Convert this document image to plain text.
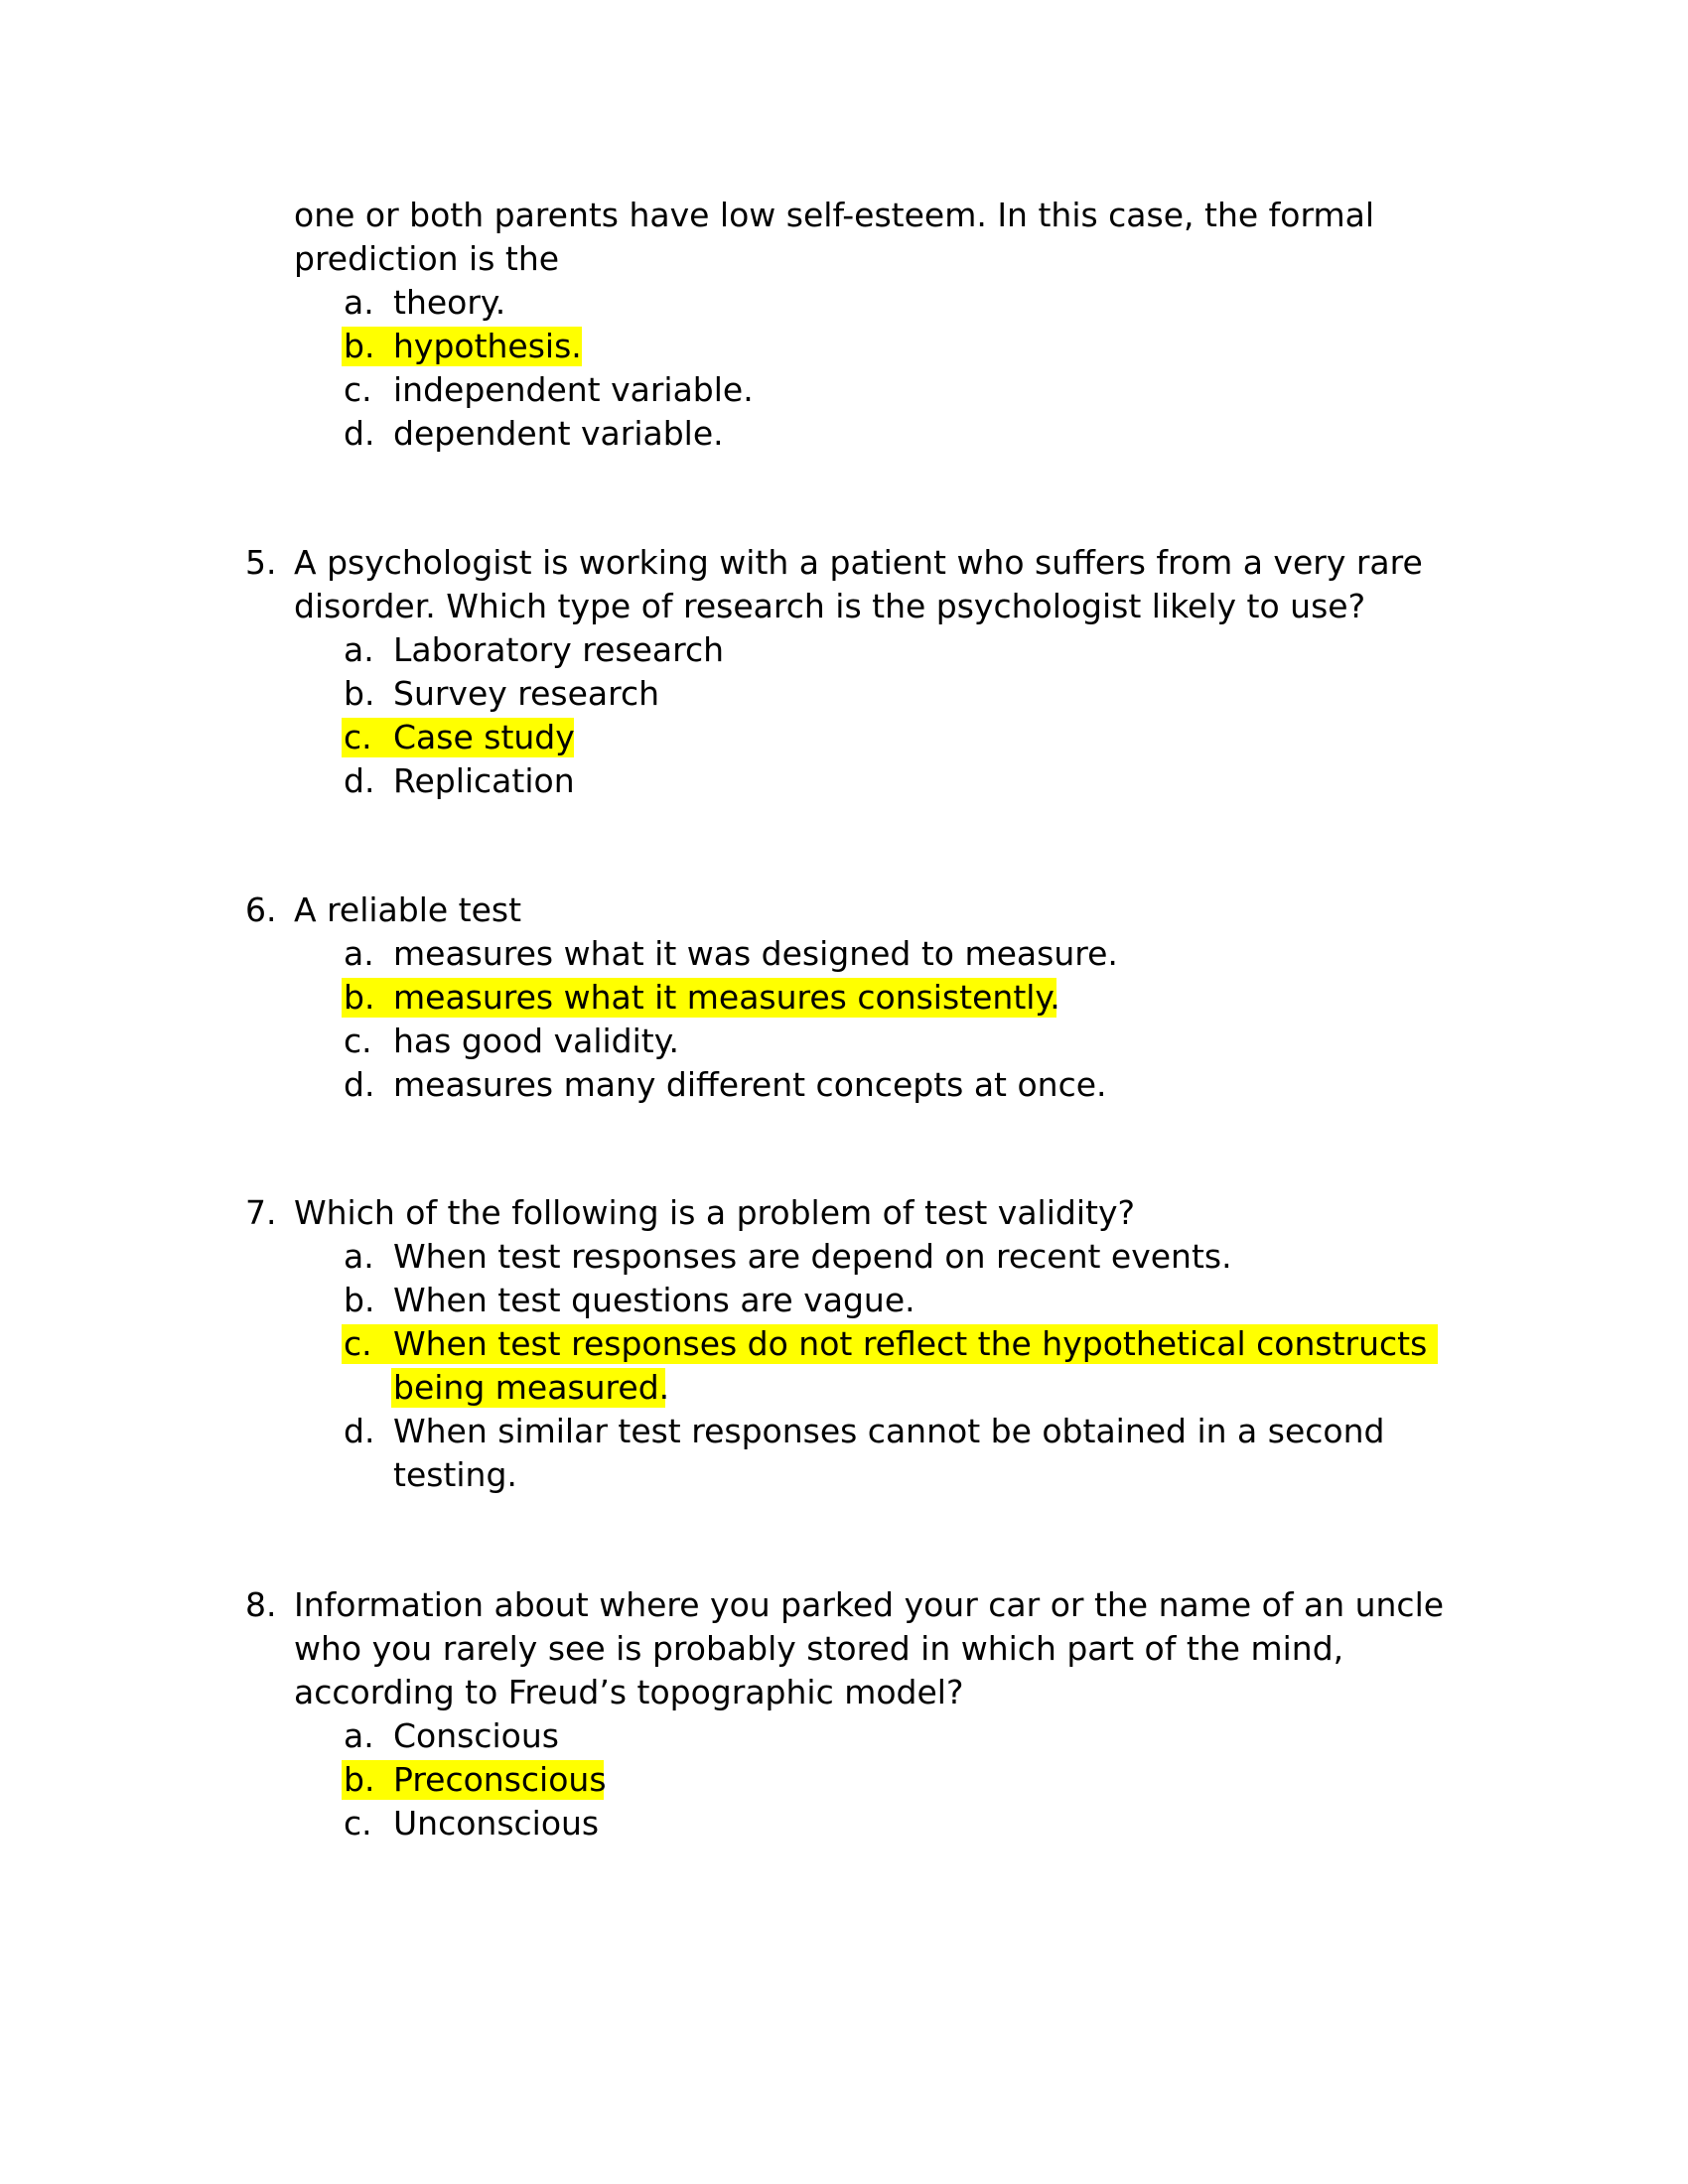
one or both parents have low self-esteem. In this case, the formal
prediction is the
a. theory.
b. hypothesis.
c. independent variable.
d. dependent variable.
5. A psychologist is working with a patient who suffers from a very rare
disorder. Which type of research is the psychologist likely to use?
a. Laboratory research
b. Survey research
c. Case study
d. Replication
6. A reliable test
a. measures what it was designed to measure.
b. measures what it measures consistently.
c. has good validity.
d. measures many different concepts at once.
7. Which of the following is a problem of test validity?
a. When test responses are depend on recent events.
b. When test questions are vague.
c. When test responses do not reflect the hypothetical constructs
being measured.
d. When similar test responses cannot be obtained in a second
testing.
8. Information about where you parked your car or the name of an uncle
who you rarely see is probably stored in which part of the mind,
according to Freud’s topographic model?
a. Conscious
b. Preconscious
c. Unconscious
